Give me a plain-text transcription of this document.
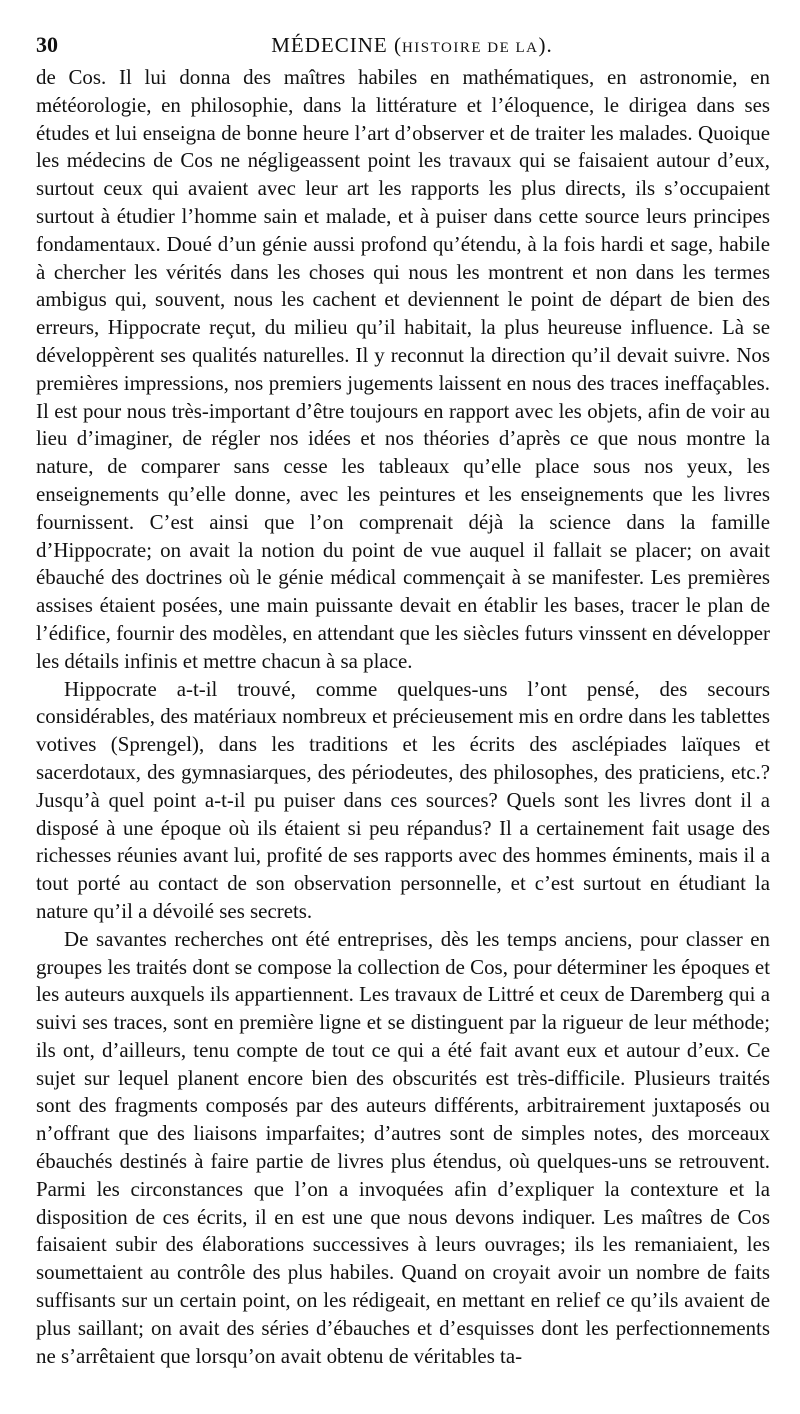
30	MÉDECINE (HISTOIRE DE LA).

de Cos. Il lui donna des maîtres habiles en mathématiques, en astronomie, en météorologie, en philosophie, dans la littérature et l’éloquence, le dirigea dans ses études et lui enseigna de bonne heure l’art d’observer et de traiter les malades. Quoique les médecins de Cos ne négligeassent point les travaux qui se faisaient autour d’eux, surtout ceux qui avaient avec leur art les rapports les plus directs, ils s’occupaient surtout à étudier l’homme sain et malade, et à puiser dans cette source leurs principes fondamentaux. Doué d’un génie aussi profond qu’étendu, à la fois hardi et sage, habile à chercher les vérités dans les choses qui nous les montrent et non dans les termes ambigus qui, souvent, nous les cachent et deviennent le point de départ de bien des erreurs, Hippocrate reçut, du milieu qu’il habitait, la plus heureuse influence. Là se développèrent ses qualités naturelles. Il y reconnut la direction qu’il devait suivre. Nos premières impressions, nos premiers jugements laissent en nous des traces ineffaçables. Il est pour nous très-important d’être toujours en rapport avec les objets, afin de voir au lieu d’imaginer, de régler nos idées et nos théories d’après ce que nous montre la nature, de comparer sans cesse les tableaux qu’elle place sous nos yeux, les enseignements qu’elle donne, avec les peintures et les enseignements que les livres fournissent. C’est ainsi que l’on comprenait déjà la science dans la famille d’Hippocrate; on avait la notion du point de vue auquel il fallait se placer; on avait ébauché des doctrines où le génie médical commençait à se manifester. Les premières assises étaient posées, une main puissante devait en établir les bases, tracer le plan de l’édifice, fournir des modèles, en attendant que les siècles futurs vinssent en développer les détails infinis et mettre chacun à sa place.

Hippocrate a-t-il trouvé, comme quelques-uns l’ont pensé, des secours considérables, des matériaux nombreux et précieusement mis en ordre dans les tablettes votives (Sprengel), dans les traditions et les écrits des asclépiades laïques et sacerdotaux, des gymnasiarques, des périodeutes, des philosophes, des praticiens, etc.? Jusqu’à quel point a-t-il pu puiser dans ces sources? Quels sont les livres dont il a disposé à une époque où ils étaient si peu répandus? Il a certainement fait usage des richesses réunies avant lui, profité de ses rapports avec des hommes éminents, mais il a tout porté au contact de son observation personnelle, et c’est surtout en étudiant la nature qu’il a dévoilé ses secrets.

De savantes recherches ont été entreprises, dès les temps anciens, pour classer en groupes les traités dont se compose la collection de Cos, pour déterminer les époques et les auteurs auxquels ils appartiennent. Les travaux de Littré et ceux de Daremberg qui a suivi ses traces, sont en première ligne et se distinguent par la rigueur de leur méthode; ils ont, d’ailleurs, tenu compte de tout ce qui a été fait avant eux et autour d’eux. Ce sujet sur lequel planent encore bien des obscurités est très-difficile. Plusieurs traités sont des fragments composés par des auteurs différents, arbitrairement juxtaposés ou n’offrant que des liaisons imparfaites; d’autres sont de simples notes, des morceaux ébauchés destinés à faire partie de livres plus étendus, où quelques-uns se retrouvent. Parmi les circonstances que l’on a invoquées afin d’expliquer la contexture et la disposition de ces écrits, il en est une que nous devons indiquer. Les maîtres de Cos faisaient subir des élaborations successives à leurs ouvrages; ils les remaniaient, les soumettaient au contrôle des plus habiles. Quand on croyait avoir un nombre de faits suffisants sur un certain point, on les rédigeait, en mettant en relief ce qu’ils avaient de plus saillant; on avait des séries d’ébauches et d’esquisses dont les perfectionnements ne s’arrêtaient que lorsqu’on avait obtenu de véritables ta-
